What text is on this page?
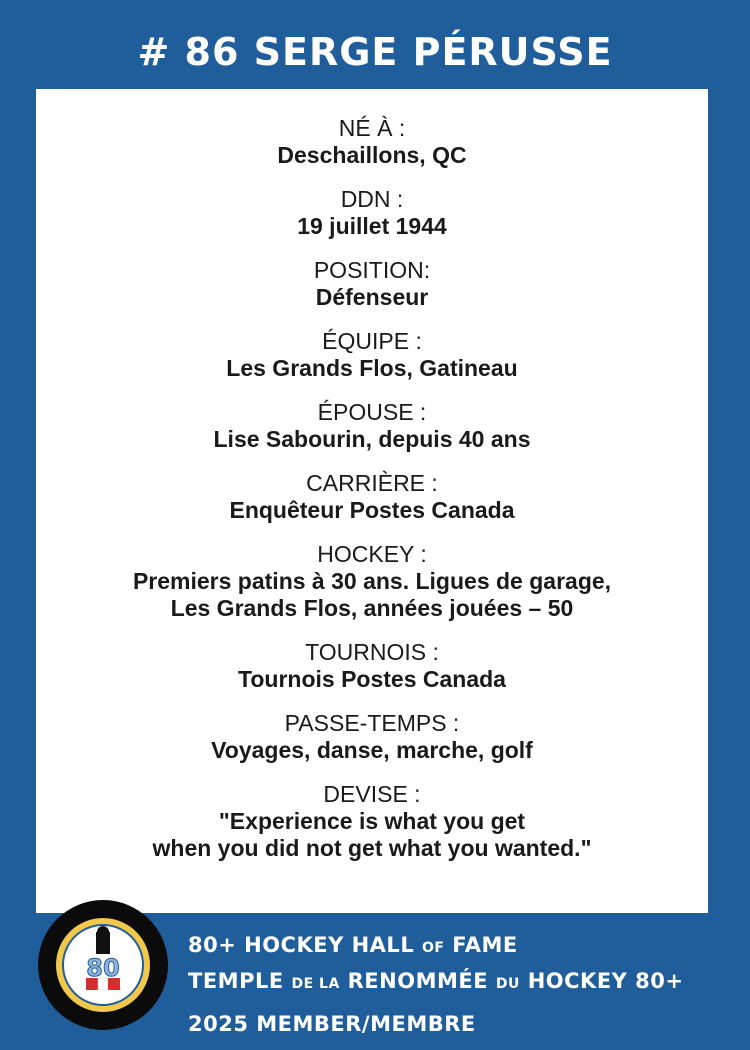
# 86 SERGE PÉRUSSE
NÉ À :
Deschaillons, QC
DDN :
19 juillet 1944
POSITION:
Défenseur
ÉQUIPE :
Les Grands Flos, Gatineau
ÉPOUSE :
Lise Sabourin, depuis 40 ans
CARRIÈRE :
Enquêteur Postes Canada
HOCKEY :
Premiers patins à 30 ans. Ligues de garage,
Les Grands Flos, années jouées – 50
TOURNOIS :
Tournois Postes Canada
PASSE-TEMPS :
Voyages, danse, marche, golf
DEVISE :
"Experience is what you get
when you did not get what you wanted."
80
80+ HOCKEY HALL OF FAME
TEMPLE DE LA RENOMMÉE DU HOCKEY 80+
2025 MEMBER/MEMBRE
